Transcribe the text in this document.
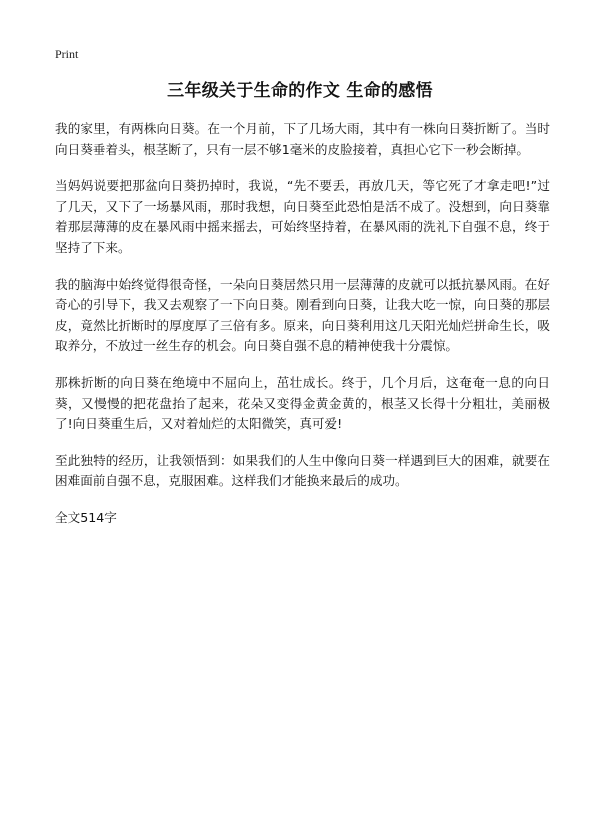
Print
三年级关于生命的作文 生命的感悟

我的家里，有两株向日葵。在一个月前，下了几场大雨，其中有一株向日葵折断了。当时向日葵垂着头，根茎断了，只有一层不够1毫米的皮脸接着，真担心它下一秒会断掉。

当妈妈说要把那盆向日葵扔掉时，我说，“先不要丢，再放几天，等它死了才拿走吧!”过了几天，又下了一场暴风雨，那时我想，向日葵至此恐怕是活不成了。没想到，向日葵靠着那层薄薄的皮在暴风雨中摇来摇去，可始终坚持着，在暴风雨的洗礼下自强不息，终于坚持了下来。

我的脑海中始终觉得很奇怪，一朵向日葵居然只用一层薄薄的皮就可以抵抗暴风雨。在好奇心的引导下，我又去观察了一下向日葵。刚看到向日葵，让我大吃一惊，向日葵的那层皮，竟然比折断时的厚度厚了三倍有多。原来，向日葵利用这几天阳光灿烂拼命生长，吸取养分，不放过一丝生存的机会。向日葵自强不息的精神使我十分震惊。

那株折断的向日葵在绝境中不屈向上，茁壮成长。终于，几个月后，这奄奄一息的向日葵，又慢慢的把花盘抬了起来，花朵又变得金黄金黄的，根茎又长得十分粗壮，美丽极了!向日葵重生后，又对着灿烂的太阳微笑，真可爱!

至此独特的经历，让我领悟到：如果我们的人生中像向日葵一样遇到巨大的困难，就要在困难面前自强不息，克服困难。这样我们才能换来最后的成功。

全文514字
